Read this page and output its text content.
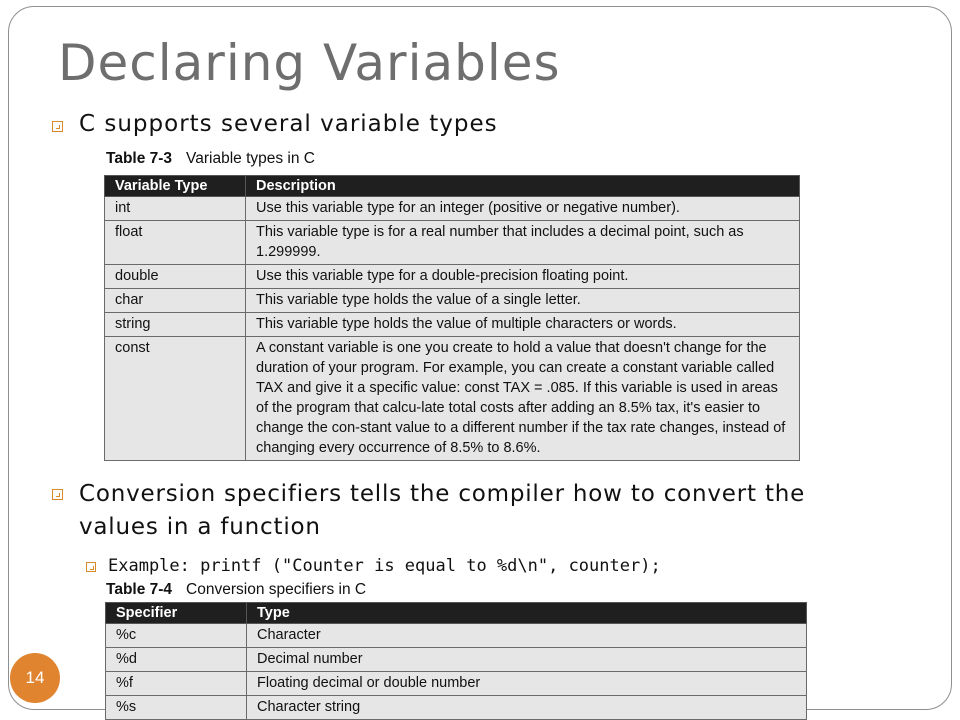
Declaring Variables
C supports several variable types
Table 7-3 Variable types in C
Variable Type	Description
int	Use this variable type for an integer (positive or negative number).
float	This variable type is for a real number that includes a decimal point, such as 1.299999.
double	Use this variable type for a double-precision floating point.
char	This variable type holds the value of a single letter.
string	This variable type holds the value of multiple characters or words.
const	A constant variable is one you create to hold a value that doesn't change for the duration of your program. For example, you can create a constant variable called TAX and give it a specific value: const TAX = .085. If this variable is used in areas of the program that calcu-late total costs after adding an 8.5% tax, it's easier to change the con-stant value to a different number if the tax rate changes, instead of changing every occurrence of 8.5% to 8.6%.
Conversion specifiers tells the compiler how to convert the values in a function
Example: printf ("Counter is equal to %d\n", counter);
Table 7-4 Conversion specifiers in C
Specifier	Type
%c	Character
%d	Decimal number
%f	Floating decimal or double number
%s	Character string
14
